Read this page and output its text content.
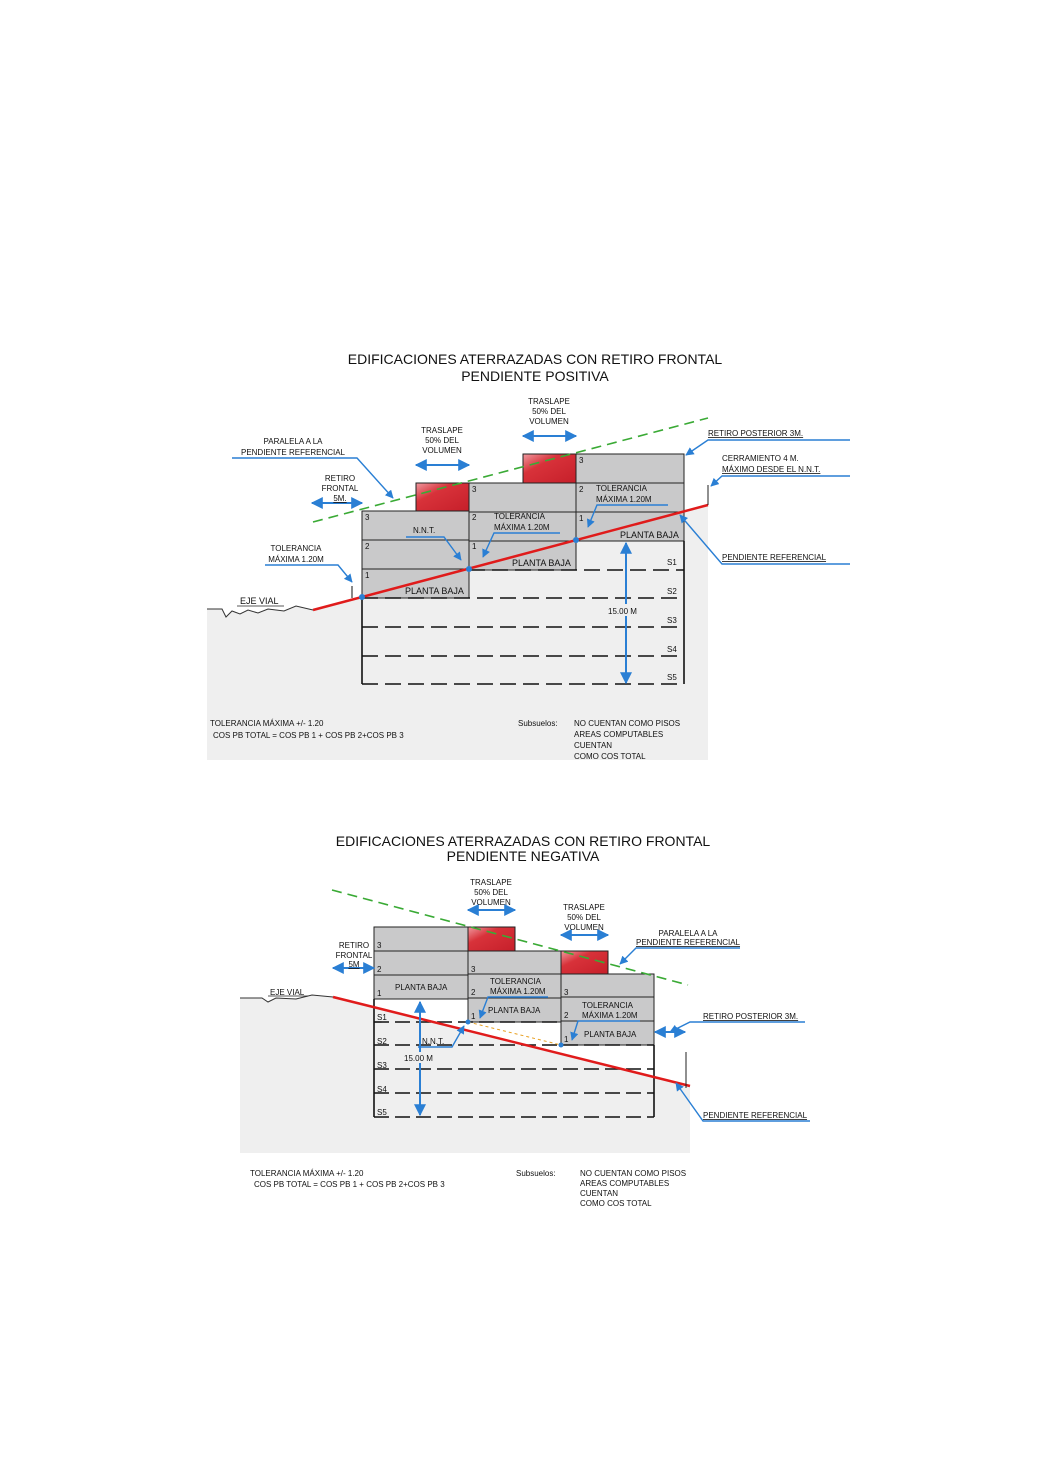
EDIFICACIONES ATERRAZADAS CON RETIRO FRONTAL
PENDIENTE POSITIVA
EJE VIAL
3
2
1
3
2
1
3
2
1
PLANTA BAJA
PLANTA BAJA
PLANTA BAJA
S1
S2
S3
S4
S5
15.00 M
TRASLAPE
50% DEL
VOLUMEN
TRASLAPE
50% DEL
VOLUMEN
RETIRO
FRONTAL
5M.
PARALELA A LA
PENDIENTE REFERENCIAL
TOLERANCIA
MÁXIMA 1.20M
N.N.T.
TOLERANCIA
MÁXIMA 1.20M
TOLERANCIA
MÁXIMA 1.20M
RETIRO POSTERIOR 3M.
CERRAMIENTO 4 M.
MÁXIMO DESDE EL N.N.T.
PENDIENTE REFERENCIAL
TOLERANCIA MÁXIMA +/- 1.20
COS PB TOTAL = COS PB 1 + COS PB 2+COS PB 3
Subsuelos: NO CUENTAN COMO PISOS
AREAS COMPUTABLES
CUENTAN
COMO COS TOTAL
EDIFICACIONES ATERRAZADAS CON RETIRO FRONTAL
PENDIENTE NEGATIVA
EJE VIAL
3
2
1
3
2
1
3
2
1
PLANTA BAJA
PLANTA BAJA
PLANTA BAJA
S1
S2
S3
S4
S5
15.00 M
TRASLAPE
50% DEL
VOLUMEN
TRASLAPE
50% DEL
VOLUMEN
RETIRO
FRONTAL
5M
PARALELA A LA
PENDIENTE REFERENCIAL
TOLERANCIA
MÁXIMA 1.20M
TOLERANCIA
MÁXIMA 1.20M
N.N.T.
RETIRO POSTERIOR 3M.
PENDIENTE REFERENCIAL
TOLERANCIA MÁXIMA +/- 1.20
COS PB TOTAL = COS PB 1 + COS PB 2+COS PB 3
Subsuelos:	NO CUENTAN COMO PISOS
AREAS COMPUTABLES
CUENTAN
COMO COS TOTAL
